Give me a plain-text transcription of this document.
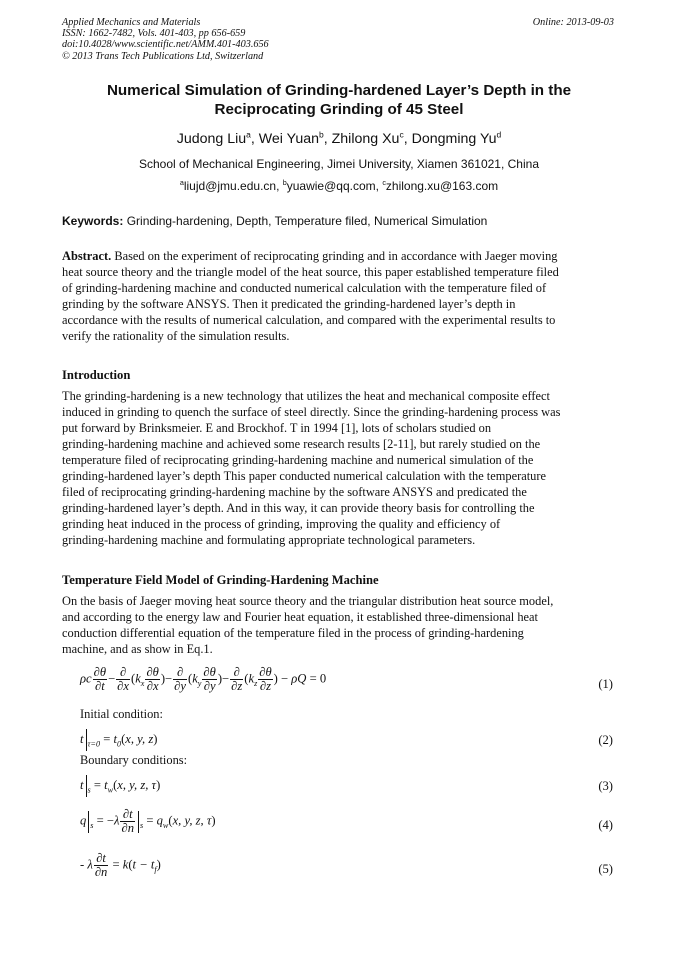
Applied Mechanics and Materials
ISSN: 1662-7482, Vols. 401-403, pp 656-659
doi:10.4028/www.scientific.net/AMM.401-403.656
© 2013 Trans Tech Publications Ltd, Switzerland
Online: 2013-09-03
Numerical Simulation of Grinding-hardened Layer’s Depth in the
Reciprocating Grinding of 45 Steel
Judong Liu$^a$, Wei Yuan$^b$, Zhilong Xu$^c$, Dongming Yu$^d$
School of Mechanical Engineering, Jimei University, Xiamen 361021, China
$^a$liujd@jmu.edu.cn, $^b$yuawie@qq.com, $^c$zhilong.xu@163.com
Keywords: Grinding-hardening, Depth, Temperature filed, Numerical Simulation
Abstract. Based on the experiment of reciprocating grinding and in accordance with Jaeger moving
heat source theory and the triangle model of the heat source, this paper established temperature filed
of grinding-hardening machine and conducted numerical calculation with the temperature filed of
grinding by the software ANSYS. Then it predicated the grinding-hardened layer’s depth in
accordance with the results of numerical calculation, and compared with the experimental results to
verify the rationality of the simulation results.
Introduction
The grinding-hardening is a new technology that utilizes the heat and mechanical composite effect
induced in grinding to quench the surface of steel directly. Since the grinding-hardening process was
put forward by Brinksmeier. E and Brockhof. T in 1994 [1], lots of scholars studied on
grinding-hardening machine and achieved some research results [2-11], but rarely studied on the
temperature filed of reciprocating grinding-hardening machine and numerical simulation of the
grinding-hardened layer’s depth This paper conducted numerical calculation with the temperature
filed of reciprocating grinding-hardening machine by the software ANSYS and predicated the
grinding-hardened layer’s depth. And in this way, it can provide theory basis for controlling the
grinding heat induced in the process of grinding, improving the quality and efficiency of
grinding-hardening machine and formulating appropriate technological parameters.
Temperature Field Model of Grinding-Hardening Machine
On the basis of Jaeger moving heat source theory and the triangular distribution heat source model,
and according to the energy law and Fourier heat equation, it established three-dimensional heat
conduction differential equation of the temperature filed in the process of grinding-hardening
machine, and as show in Eq.1.
ρc $\frac{\partial\theta}{\partial t} - \frac{\partial}{\partial x} (k_x \frac{\partial\theta}{\partial x}$ )− $\frac{\partial}{\partial y} (k_y \frac{\partial\theta}{\partial y}$ )− $\frac{\partial}{\partial z} (k_z \frac{\partial\theta}{\partial z}$ ) − ρQ = 0	(1)
Initial condition:
t $_{\tau=0} = t_0(x$, y, z)	(2)
Boundary conditions:
t $_s = t_w(x$, y, z, τ)	(3)
q $_s = -\lambda \frac{\partial t}{\partial n} _s = q_w(x$, y, z, τ)	(4)
- λ $\frac{\partial t}{\partial n} = k(t - t_f)$	(5)
